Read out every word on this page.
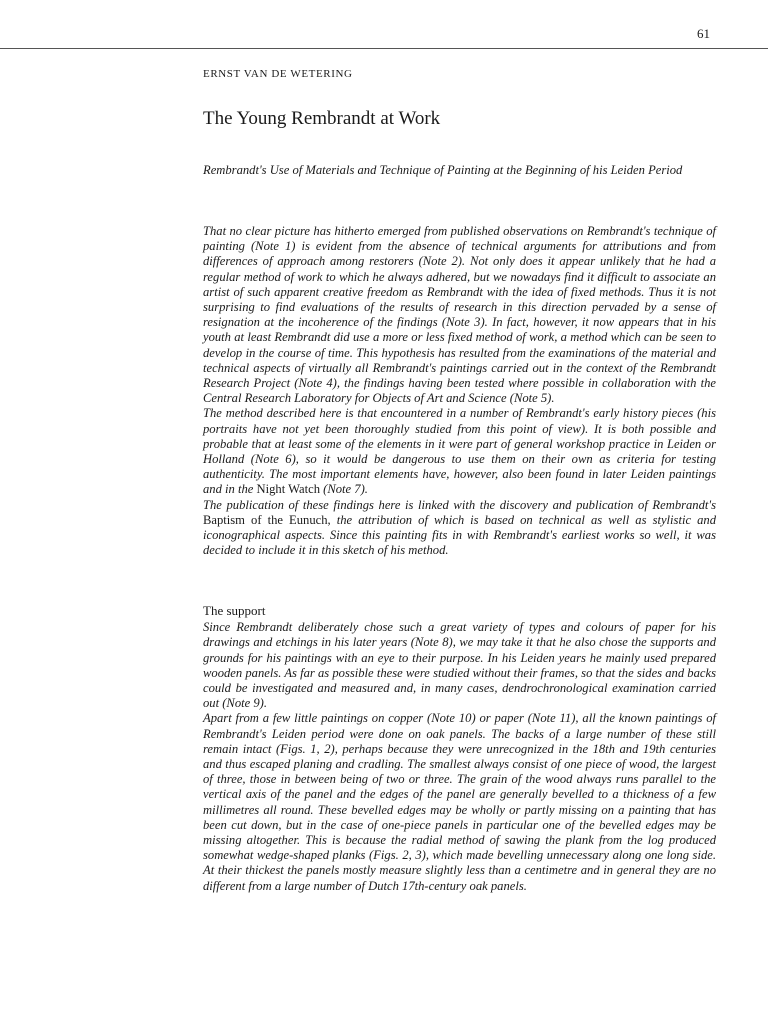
61
ERNST VAN DE WETERING
The Young Rembrandt at Work

Rembrandt's Use of Materials and Technique of Painting at the Beginning of his Leiden Period

That no clear picture has hitherto emerged from published observations on Rembrandt's technique of painting (Note 1) is evident from the absence of technical arguments for attributions and from differences of approach among restorers (Note 2). Not only does it appear unlikely that he had a regular method of work to which he always adhered, but we nowadays find it difficult to associate an artist of such apparent creative freedom as Rembrandt with the idea of fixed methods. Thus it is not surprising to find evaluations of the results of research in this direction pervaded by a sense of resignation at the incoherence of the findings (Note 3). In fact, however, it now appears that in his youth at least Rembrandt did use a more or less fixed method of work, a method which can be seen to develop in the course of time. This hypothesis has resulted from the examinations of the material and technical aspects of virtually all Rembrandt's paintings carried out in the context of the Rembrandt Research Project (Note 4), the findings having been tested where possible in collaboration with the Central Research Laboratory for Objects of Art and Science (Note 5).

The method described here is that encountered in a number of Rembrandt's early history pieces (his portraits have not yet been thoroughly studied from this point of view). It is both possible and probable that at least some of the elements in it were part of general workshop practice in Leiden or Holland (Note 6), so it would be dangerous to use them on their own as criteria for testing authenticity. The most important elements have, however, also been found in later Leiden paintings and in the Night Watch (Note 7).

The publication of these findings here is linked with the discovery and publication of Rembrandt's Baptism of the Eunuch, the attribution of which is based on technical as well as stylistic and iconographical aspects. Since this painting fits in with Rembrandt's earliest works so well, it was decided to include it in this sketch of his method.

The support

Since Rembrandt deliberately chose such a great variety of types and colours of paper for his drawings and etchings in his later years (Note 8), we may take it that he also chose the supports and grounds for his paintings with an eye to their purpose. In his Leiden years he mainly used prepared wooden panels. As far as possible these were studied without their frames, so that the sides and backs could be investigated and measured and, in many cases, dendrochronological examination carried out (Note 9).

Apart from a few little paintings on copper (Note 10) or paper (Note 11), all the known paintings of Rembrandt's Leiden period were done on oak panels. The backs of a large number of these still remain intact (Figs. 1, 2), perhaps because they were unrecognized in the 18th and 19th centuries and thus escaped planing and cradling. The smallest always consist of one piece of wood, the largest of three, those in between being of two or three. The grain of the wood always runs parallel to the vertical axis of the panel and the edges of the panel are generally bevelled to a thickness of a few millimetres all round. These bevelled edges may be wholly or partly missing on a painting that has been cut down, but in the case of one-piece panels in particular one of the bevelled edges may be missing altogether. This is because the radial method of sawing the plank from the log produced somewhat wedge-shaped planks (Figs. 2, 3), which made bevelling unnecessary along one long side. At their thickest the panels mostly measure slightly less than a centimetre and in general they are no different from a large number of Dutch 17th-century oak panels.
